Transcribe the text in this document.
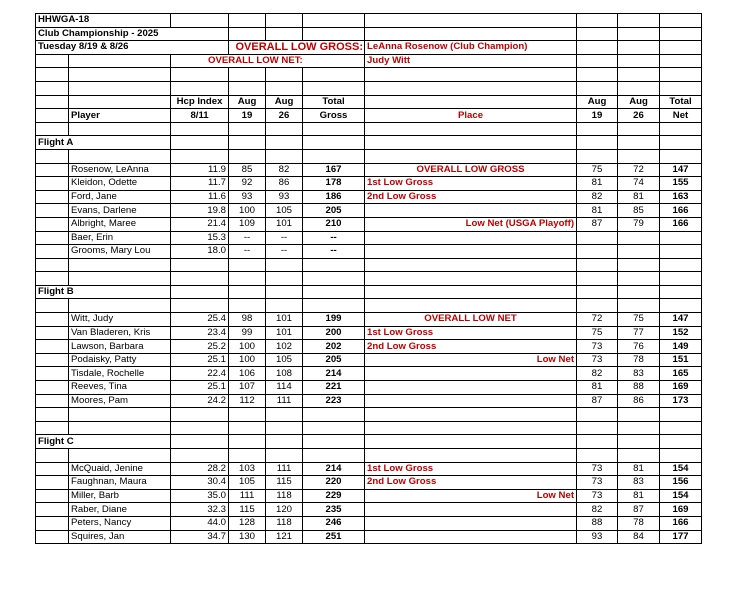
HHWGA-18									
Club Championship - 2025									
Tuesday 8/19 & 8/26			OVERALL LOW GROSS:			LeAnna Rosenow (Club Champion)			
		OVERALL LOW NET:				Judy Witt			

		Hcp Index	Aug	Aug	Total		Aug	Aug	Total
	Player	8/11	19	26	Gross	Place	19	26	Net

Flight A									

	Rosenow, LeAnna	11.9	85	82	167	OVERALL LOW GROSS	75	72	147
	Kleidon, Odette	11.7	92	86	178	1st Low Gross	81	74	155
	Ford, Jane	11.6	93	93	186	2nd Low Gross	82	81	163
	Evans, Darlene	19.8	100	105	205		81	85	166
	Albright, Maree	21.4	109	101	210	Low Net (USGA Playoff)	87	79	166
	Baer, Erin	15.3	--	--	--				
	Grooms, Mary Lou	18.0	--	--	--				

Flight B									

	Witt, Judy	25.4	98	101	199	OVERALL LOW NET	72	75	147
	Van Bladeren, Kris	23.4	99	101	200	1st Low Gross	75	77	152
	Lawson, Barbara	25.2	100	102	202	2nd Low Gross	73	76	149
	Podaisky, Patty	25.1	100	105	205	Low Net	73	78	151
	Tisdale, Rochelle	22.4	106	108	214		82	83	165
	Reeves, Tina	25.1	107	114	221		81	88	169
	Moores, Pam	24.2	112	111	223		87	86	173

Flight C									

	McQuaid, Jenine	28.2	103	111	214	1st Low Gross	73	81	154
	Faughnan, Maura	30.4	105	115	220	2nd Low Gross	73	83	156
	Miller, Barb	35.0	111	118	229	Low Net	73	81	154
	Raber, Diane	32.3	115	120	235		82	87	169
	Peters, Nancy	44.0	128	118	246		88	78	166
	Squires, Jan	34.7	130	121	251		93	84	177
